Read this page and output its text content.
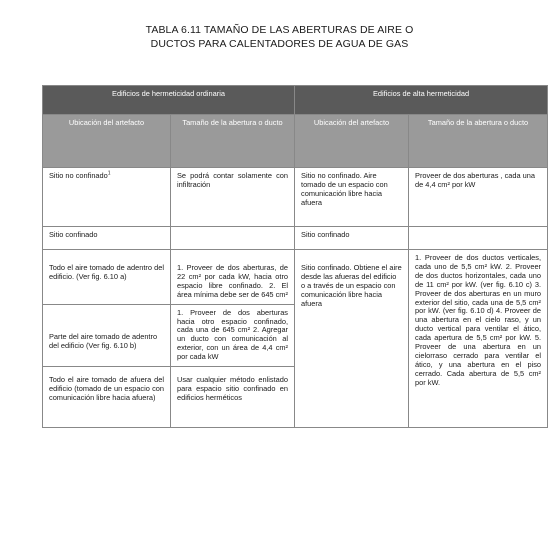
TABLA 6.11 TAMAÑO DE LAS ABERTURAS DE AIRE O
DUCTOS PARA CALENTADORES DE AGUA DE GAS
Edificios de hermeticidad ordinaria		Edificios de alta hermeticidad	
Ubicación del artefacto	Tamaño de la abertura o ducto	Ubicación del artefacto	Tamaño de la abertura o ducto
Sitio no confinado$^1$	Se podrá contar solamente con infiltración	Sitio no confinado. Aire tomado de un espacio con comunicación libre hacia afuera	Proveer de dos aberturas , cada una de 4,4 cm² por kW
Sitio confinado		Sitio confinado	
Todo el aire tomado de adentro del edificio. (Ver fig. 6.10 a)	1. Proveer de dos aberturas, de 22 cm² por cada kW, hacia otro espacio libre confinado. 2. El área mínima debe ser de 645 cm²	Sitio confinado. Obtiene el aire desde las afueras del edificio o a través de un espacio con comunicación libre hacia afuera	1. Proveer de dos ductos verticales, cada uno de 5,5 cm² kW. 2. Proveer de dos ductos horizontales, cada uno de 11 cm² por kW. (ver fig. 6.10 c) 3. Proveer de dos aberturas en un muro exterior del sitio, cada una de 5,5 cm² por kW. (ver fig. 6.10 d) 4. Proveer de una abertura en el cielo raso, y un ducto vertical para ventilar el ático, cada apertura de 5,5 cm² por kW. 5. Proveer de una abertura en un cielorraso cerrado para ventilar el ático, y una abertura en el piso cerrado. Cada abertura de 5,5 cm² por kW.
Parte del aire tomado de adentro del edificio (Ver fig. 6.10 b)	1. Proveer de dos aberturas hacia otro espacio confinado, cada una de 645 cm² 2. Agregar un ducto con comunicación al exterior, con un área de 4,4 cm² por cada kW		
Todo el aire tomado de afuera del edificio (tomado de un espacio con comunicación libre hacia afuera)	Usar cualquier método enlistado para espacio sitio confinado en edificios herméticos		
